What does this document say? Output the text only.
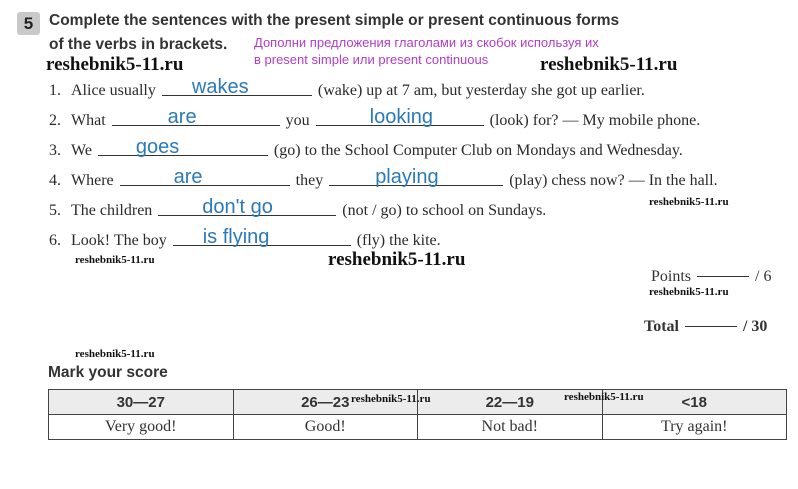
5	Complete the sentences with the present simple or present continuous forms
of the verbs in brackets. Дополни предложения глаголами из скобок используя их
в present simple или present continuous
reshebnik5-11.ru	reshebnik5-11.ru
reshebnik5-11.ru
reshebnik5-11.ru	reshebnik5-11.ru
reshebnik5-11.ru
reshebnik5-11.ru
reshebnik5-11.ru	reshebnik5-11.ru
1. Alice usually wakes	(wake) up at 7 am, but yesterday she got up earlier.
2. What	are	you	looking	(look) for? — My mobile phone.
3. We goes	(go) to the School Computer Club on Mondays and Wednesday.
4. Where	are	they	playing	(play) chess now? — In the hall.
5. The children	don't go	(not / go) to school on Sundays.
6. Look! The boy is flying	(fly) the kite.
Points	/ 6
Total	/ 30
Mark your score
30—27	26—23	22—19	<18
Very good!	Good!	Not bad!	Try again!
